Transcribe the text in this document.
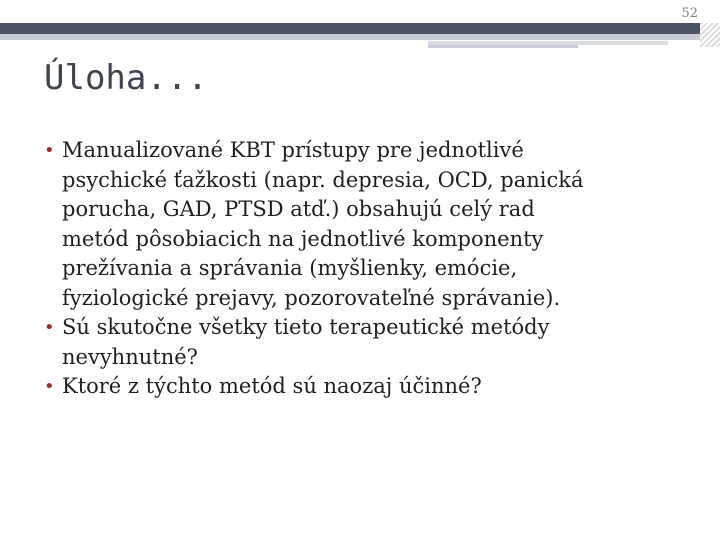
52
Úloha...
• Manualizované KBT prístupy pre jednotlivé
psychické ťažkosti (napr. depresia, OCD, panická
porucha, GAD, PTSD atď.) obsahujú celý rad
metód pôsobiacich na jednotlivé komponenty
prežívania a správania (myšlienky, emócie,
fyziologické prejavy, pozorovateľné správanie).
• Sú skutočne všetky tieto terapeutické metódy
nevyhnutné?
• Ktoré z týchto metód sú naozaj účinné?
